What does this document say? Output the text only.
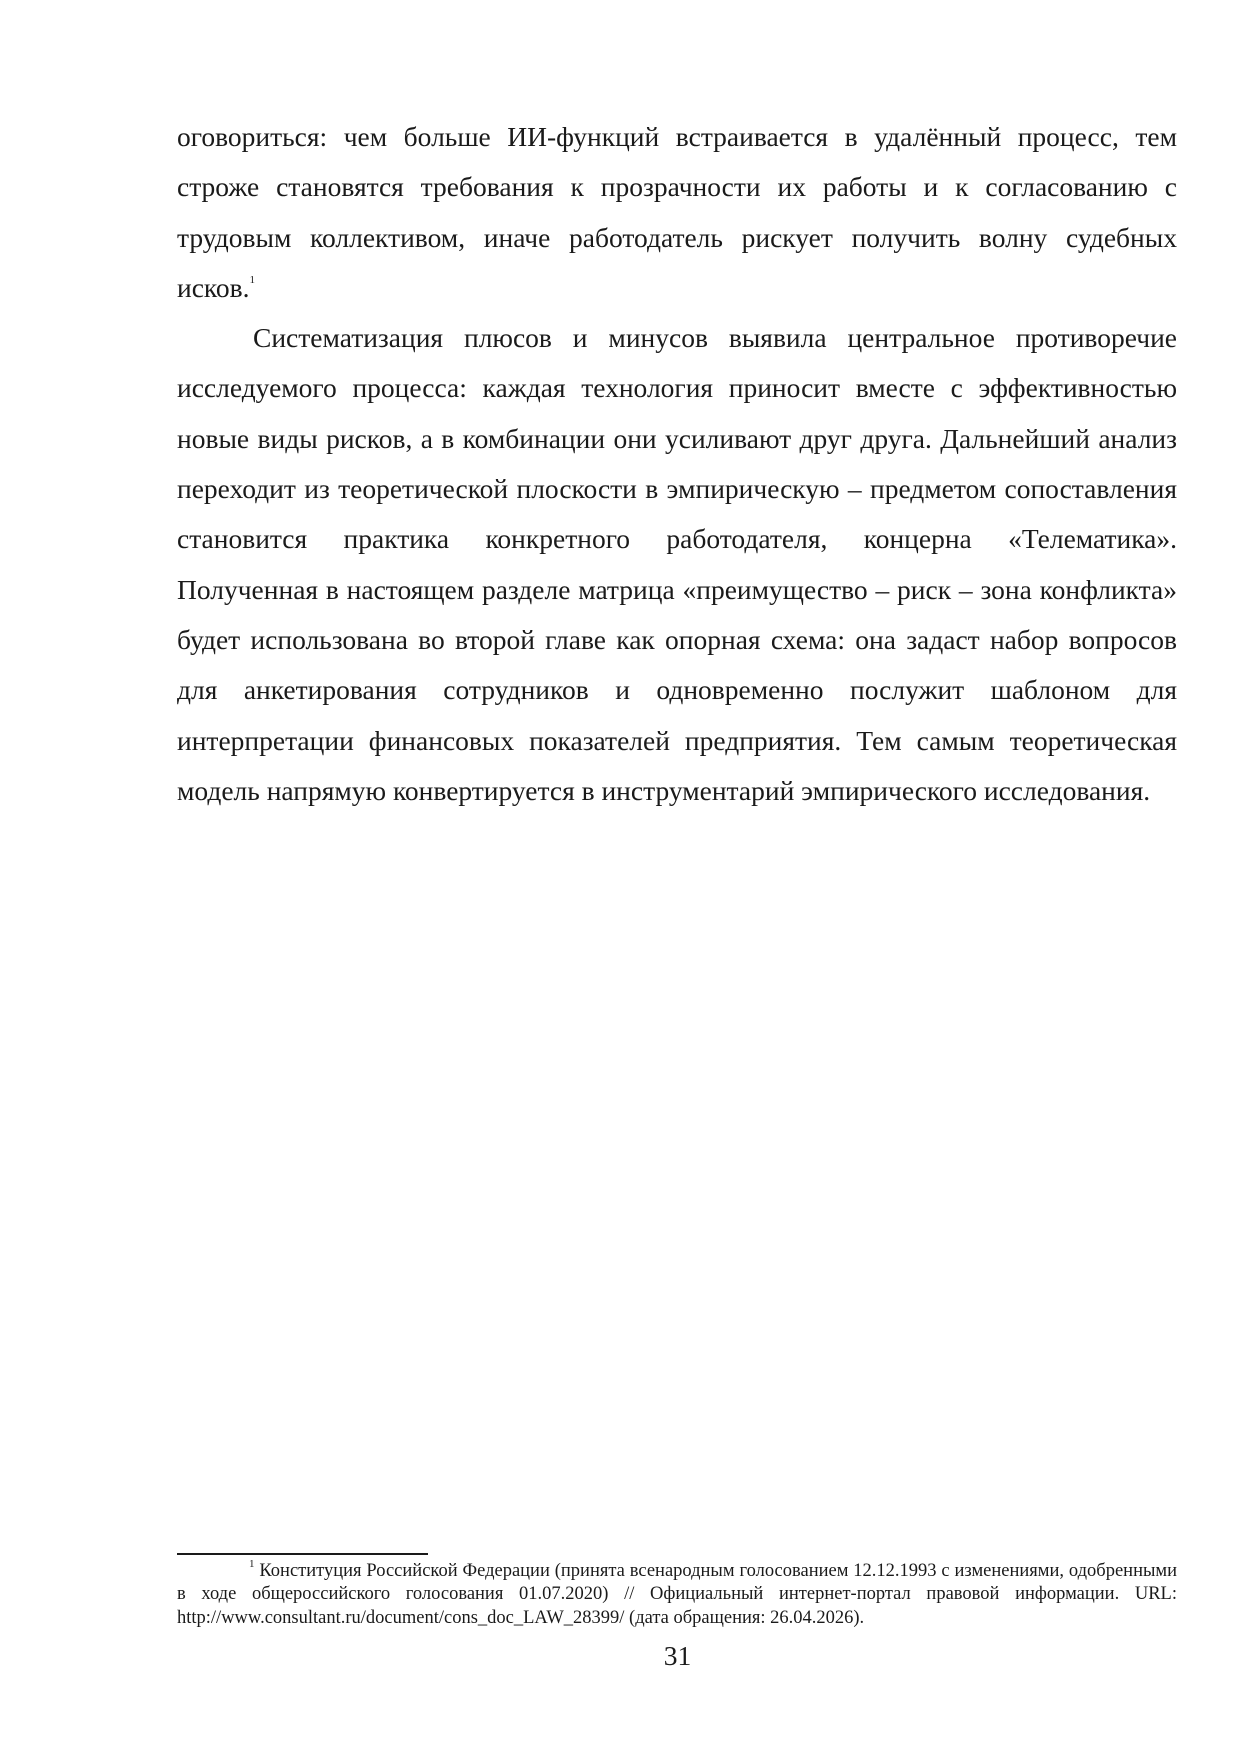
оговориться: чем больше ИИ-функций встраивается в удалённый процесс, тем строже становятся требования к прозрачности их работы и к согласованию с трудовым коллективом, иначе работодатель рискует получить волну судебных исков.$^1$

Систематизация плюсов и минусов выявила центральное противоречие исследуемого процесса: каждая технология приносит вместе с эффективностью новые виды рисков, а в комбинации они усиливают друг друга. Дальнейший анализ переходит из теоретической плоскости в эмпирическую – предметом сопоставления становится практика конкретного работодателя, концерна «Телематика». Полученная в настоящем разделе матрица «преимущество – риск – зона конфликта» будет использована во второй главе как опорная схема: она задаст набор вопросов для анкетирования сотрудников и одновременно послужит шаблоном для интерпретации финансовых показателей предприятия. Тем самым теоретическая модель напрямую конвертируется в инструментарий эмпирического исследования.

$^1$ Конституция Российской Федерации (принята всенародным голосованием 12.12.1993 с изменениями, одобренными в ходе общероссийского голосования 01.07.2020) // Официальный интернет-портал правовой информации. URL: http://www.consultant.ru/document/cons_doc_LAW_28399/ (дата обращения: 26.04.2026).
31
